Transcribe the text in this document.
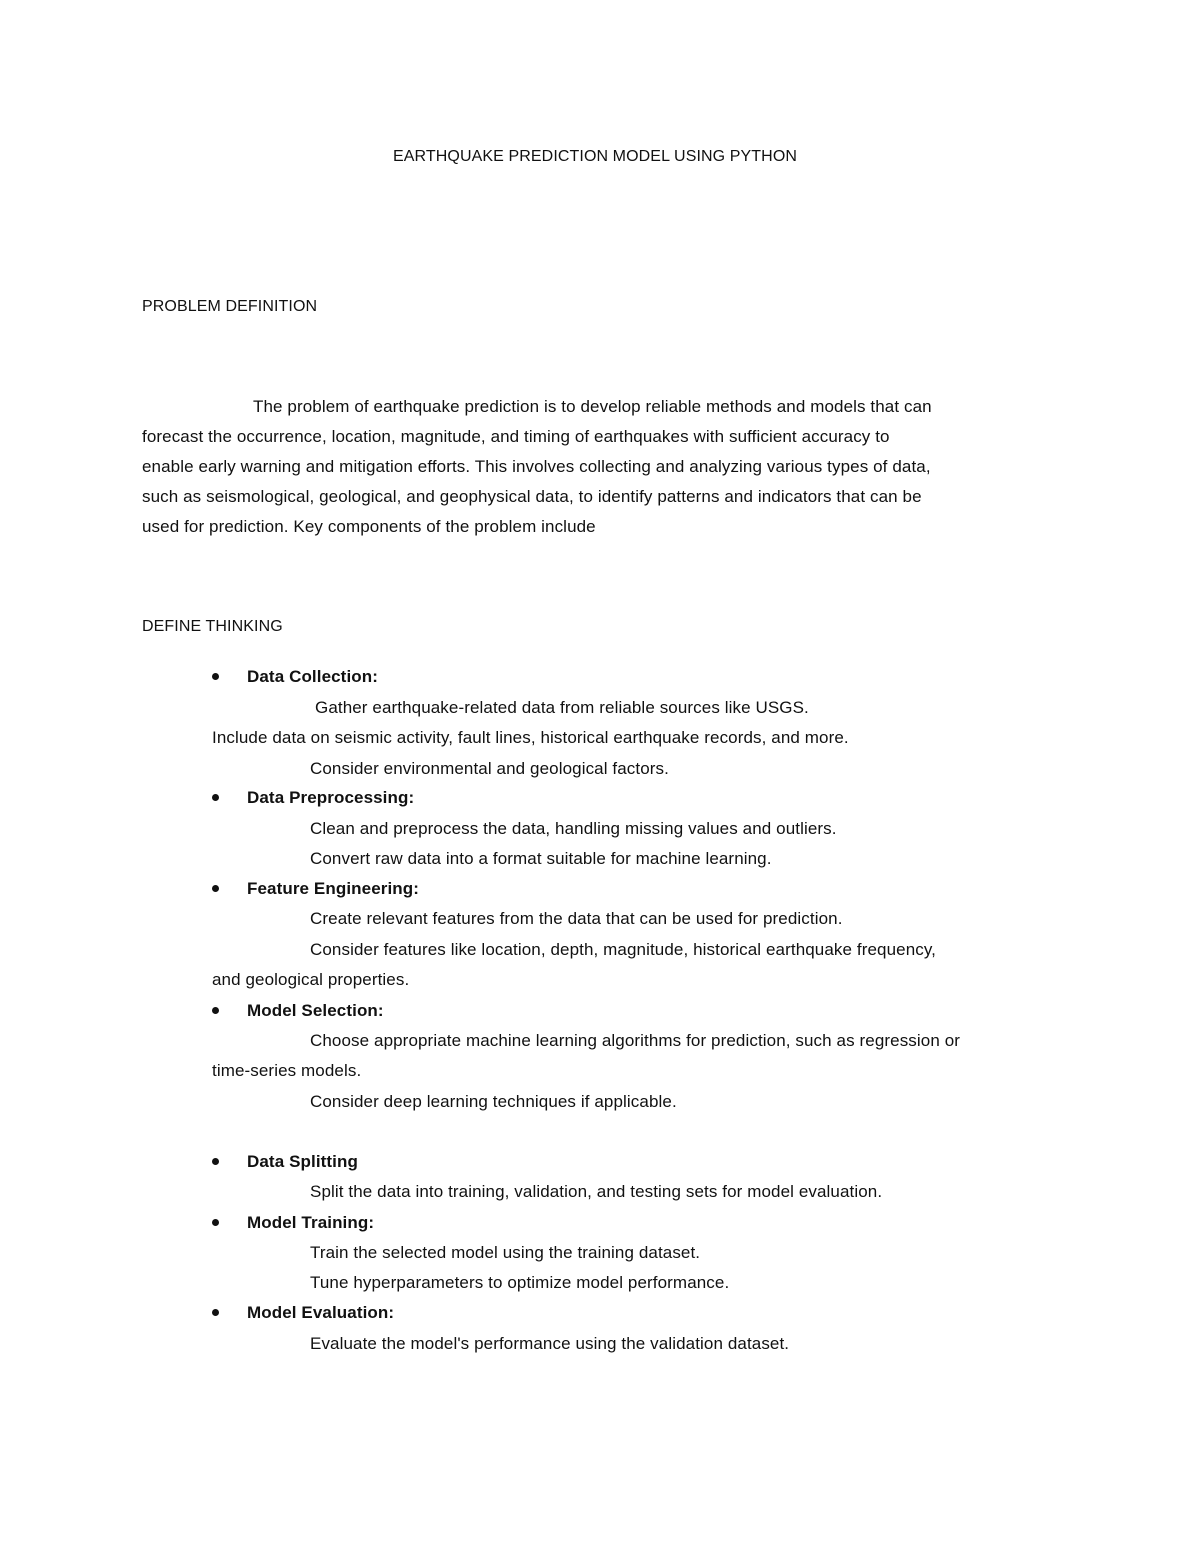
EARTHQUAKE PREDICTION MODEL USING PYTHON
PROBLEM DEFINITION
The problem of earthquake prediction is to develop reliable methods and models that can
forecast the occurrence, location, magnitude, and timing of earthquakes with sufficient accuracy to
enable early warning and mitigation efforts. This involves collecting and analyzing various types of data,
such as seismological, geological, and geophysical data, to identify patterns and indicators that can be
used for prediction. Key components of the problem include
DEFINE THINKING
Data Collection:
Gather earthquake-related data from reliable sources like USGS.
Include data on seismic activity, fault lines, historical earthquake records, and more.
Consider environmental and geological factors.
Data Preprocessing:
Clean and preprocess the data, handling missing values and outliers.
Convert raw data into a format suitable for machine learning.
Feature Engineering:
Create relevant features from the data that can be used for prediction.
Consider features like location, depth, magnitude, historical earthquake frequency,
and geological properties.
Model Selection:
Choose appropriate machine learning algorithms for prediction, such as regression or
time-series models.
Consider deep learning techniques if applicable.
Data Splitting
Split the data into training, validation, and testing sets for model evaluation.
Model Training:
Train the selected model using the training dataset.
Tune hyperparameters to optimize model performance.
Model Evaluation:
Evaluate the model's performance using the validation dataset.
